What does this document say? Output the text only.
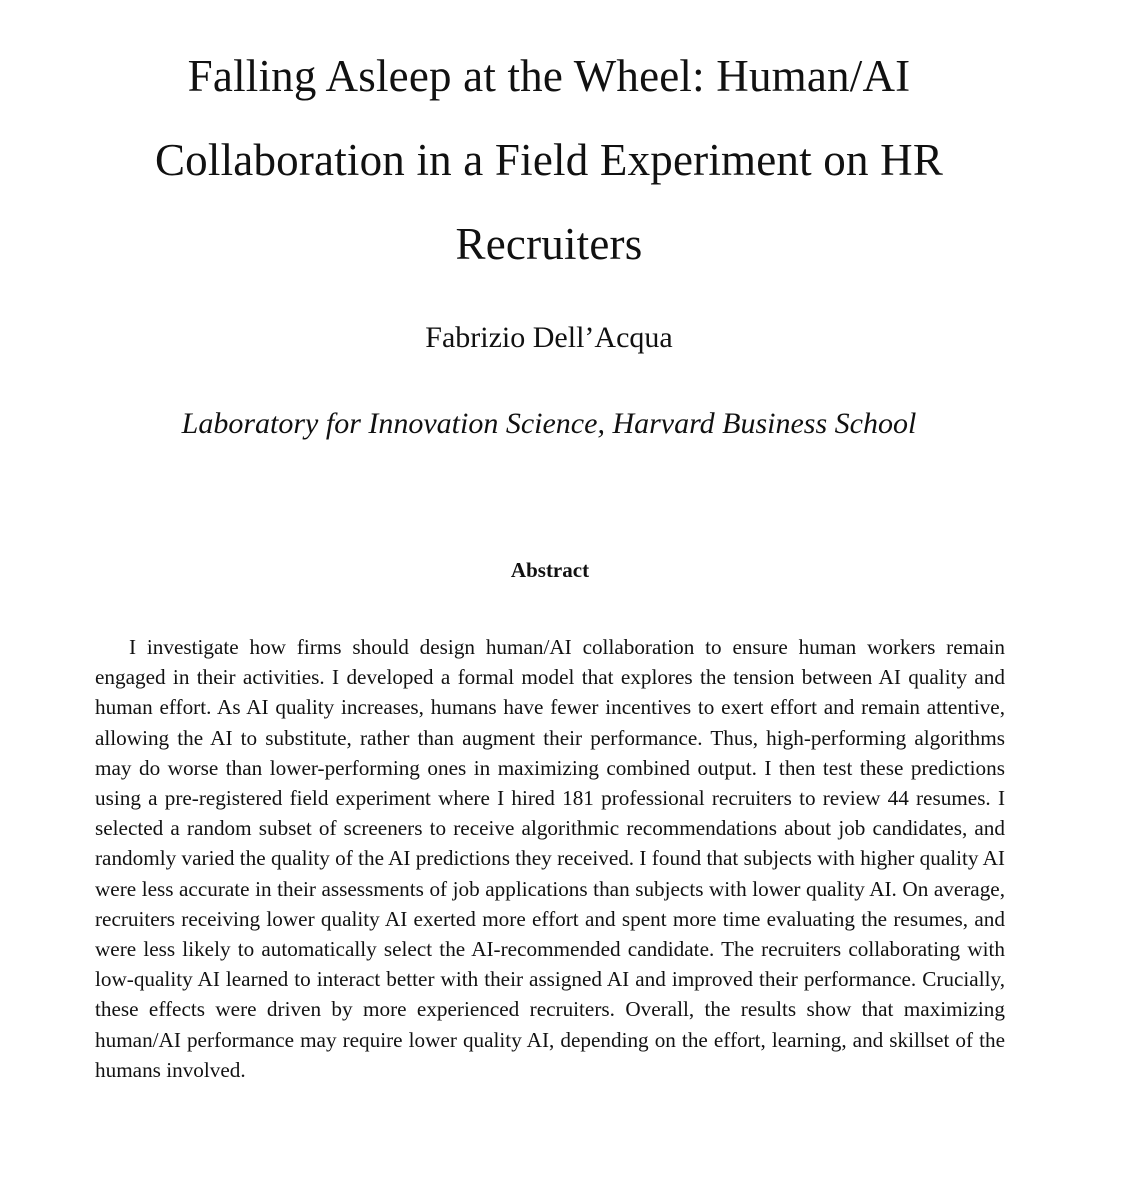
Falling Asleep at the Wheel: Human/AI Collaboration in a Field Experiment on HR Recruiters
Fabrizio Dell’Acqua
Laboratory for Innovation Science, Harvard Business School
Abstract

I investigate how firms should design human/AI collaboration to ensure human workers remain engaged in their activities. I developed a formal model that explores the tension between AI quality and human effort. As AI quality increases, humans have fewer incentives to exert effort and remain attentive, allowing the AI to substitute, rather than augment their performance. Thus, high-performing algorithms may do worse than lower-performing ones in maximizing combined output. I then test these predictions using a pre-registered field experiment where I hired 181 professional recruiters to review 44 resumes. I selected a random subset of screeners to receive algorithmic recommendations about job candidates, and randomly varied the quality of the AI predictions they received. I found that subjects with higher quality AI were less accurate in their assessments of job applications than subjects with lower quality AI. On average, recruiters receiving lower quality AI exerted more effort and spent more time evaluating the resumes, and were less likely to automatically select the AI-recommended candidate. The recruiters collaborating with low-quality AI learned to interact better with their assigned AI and improved their performance. Crucially, these effects were driven by more experienced recruiters. Overall, the results show that maximizing human/AI performance may require lower quality AI, depending on the effort, learning, and skillset of the humans involved.
